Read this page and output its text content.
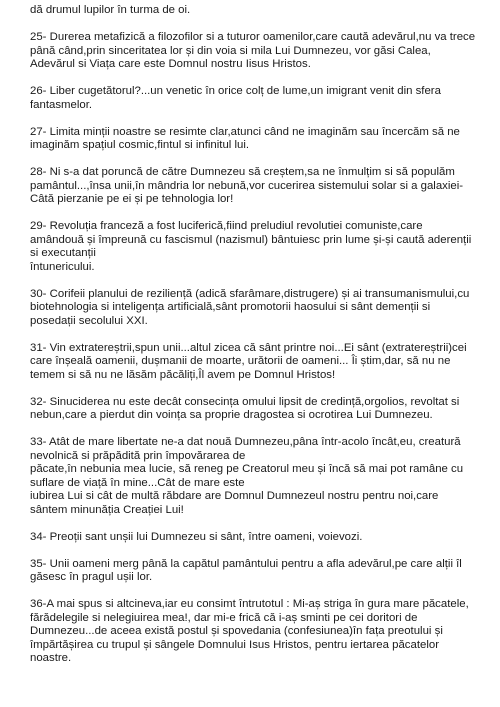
dă drumul lupilor în turma de oi.

25- Durerea metafizică a filozofilor si a tuturor oamenilor,care caută adevărul,nu va trece până când,prin sinceritatea lor și din voia si mila Lui Dumnezeu, vor găsi Calea, Adevărul si Viața care este Domnul nostru Iisus Hristos.

26- Liber cugetătorul?...un venetic în orice colț de lume,un imigrant venit din sfera fantasmelor.

27- Limita minții noastre se resimte clar,atunci când ne imaginăm sau încercăm să ne imaginăm spațiul cosmic,fintul si infinitul lui.

28- Ni s-a dat poruncă de către Dumnezeu să creștem,sa ne înmulțim si să populăm pamântul...,însa unii,în mândria lor nebună,vor cucerirea sistemului solar si a galaxiei-Câtă pierzanie pe ei și pe tehnologia lor!

29- Revoluția franceză a fost luciferică,fiind preludiul revolutiei comuniste,care amândouă și împreună cu fascismul (nazismul) bântuiesc prin lume și-și caută aderenții si executanții
întunericului.

30- Corifeii planului de reziliență (adică sfarâmare,distrugere) și ai transumanismului,cu biotehnologia si inteligența artificială,sânt promotorii haosului si sânt demenții si posedații secolului XXI.

31- Vin extratereștrii,spun unii...altul zicea că sânt printre noi...Ei sânt (extratereștrii)cei care înșeală oamenii, dușmanii de moarte, urătorii de oameni... Îi știm,dar, să nu ne temem si să nu ne lăsăm păcăliți,Îl avem pe Domnul Hristos!

32- Sinuciderea nu este decât consecința omului lipsit de credință,orgolios, revoltat si nebun,care a pierdut din voința sa proprie dragostea si ocrotirea Lui Dumnezeu.

33- Atât de mare libertate ne-a dat nouă Dumnezeu,pâna într-acolo încât,eu, creatură nevolnică si prăpădită prin împovărarea de
păcate,în nebunia mea lucie, să reneg pe Creatorul meu și încă să mai pot ramâne cu suflare de viață în mine...Cât de mare este
iubirea Lui si cât de multă răbdare are Domnul Dumnezeul nostru pentru noi,care sântem minunăția Creației Lui!

34- Preoții sant unșii lui Dumnezeu si sânt, între oameni, voievozi.

35- Unii oameni merg până la capătul pamântului pentru a afla adevărul,pe care alții îl găsesc în pragul ușii lor.

36-A mai spus si altcineva,iar eu consimt întrutotul : Mi-aș striga în gura mare păcatele, fărădelegile si nelegiuirea mea!, dar mi-e frică că i-aș sminti pe cei doritori de Dumnezeu...de aceea există postul și spovedania (confesiunea)în fața preotului și împărtășirea cu trupul și sângele Domnului Isus Hristos, pentru iertarea păcatelor noastre.
